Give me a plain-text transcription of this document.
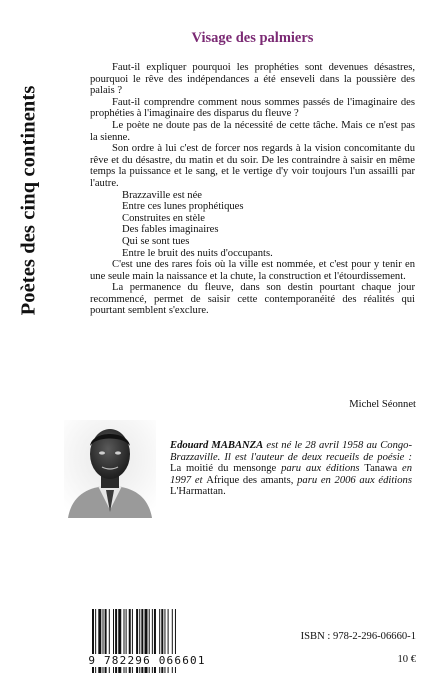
Poètes des cinq continents
Visage des palmiers

Faut-il expliquer pourquoi les prophéties sont devenues désastres, pourquoi le rêve des indépendances a été enseveli dans la poussière des palais ?

Faut-il comprendre comment nous sommes passés de l'imaginaire des prophéties à l'imaginaire des disparus du fleuve ?

Le poète ne doute pas de la nécessité de cette tâche. Mais ce n'est pas la sienne.

Son ordre à lui c'est de forcer nos regards à la vision concomitante du rêve et du désastre, du matin et du soir. De les contraindre à saisir en même temps la puissance et le sang, et le vertige d'y voir toujours l'un assailli par l'autre.

Brazzaville est née
Entre ces lunes prophétiques
Construites en stèle
Des fables imaginaires
Qui se sont tues
Entre le bruit des nuits d'occupants.

C'est une des rares fois où la ville est nommée, et c'est pour y tenir en une seule main la naissance et la chute, la construction et l'étourdissement.

La permanence du fleuve, dans son destin pourtant chaque jour recommencé, permet de saisir cette contemporanéité des réalités qui pourtant semblent s'exclure.

Michel Séonnet

Edouard MABANZA est né le 28 avril 1958 au Congo-Brazzaville. Il est l'auteur de deux recueils de poésie : La moitié du mensonge paru aux éditions Tanawa en 1997 et Afrique des amants, paru en 2006 aux éditions L'Harmattan.

9 782296 066601
ISBN : 978-2-296-06660-1
10 €
